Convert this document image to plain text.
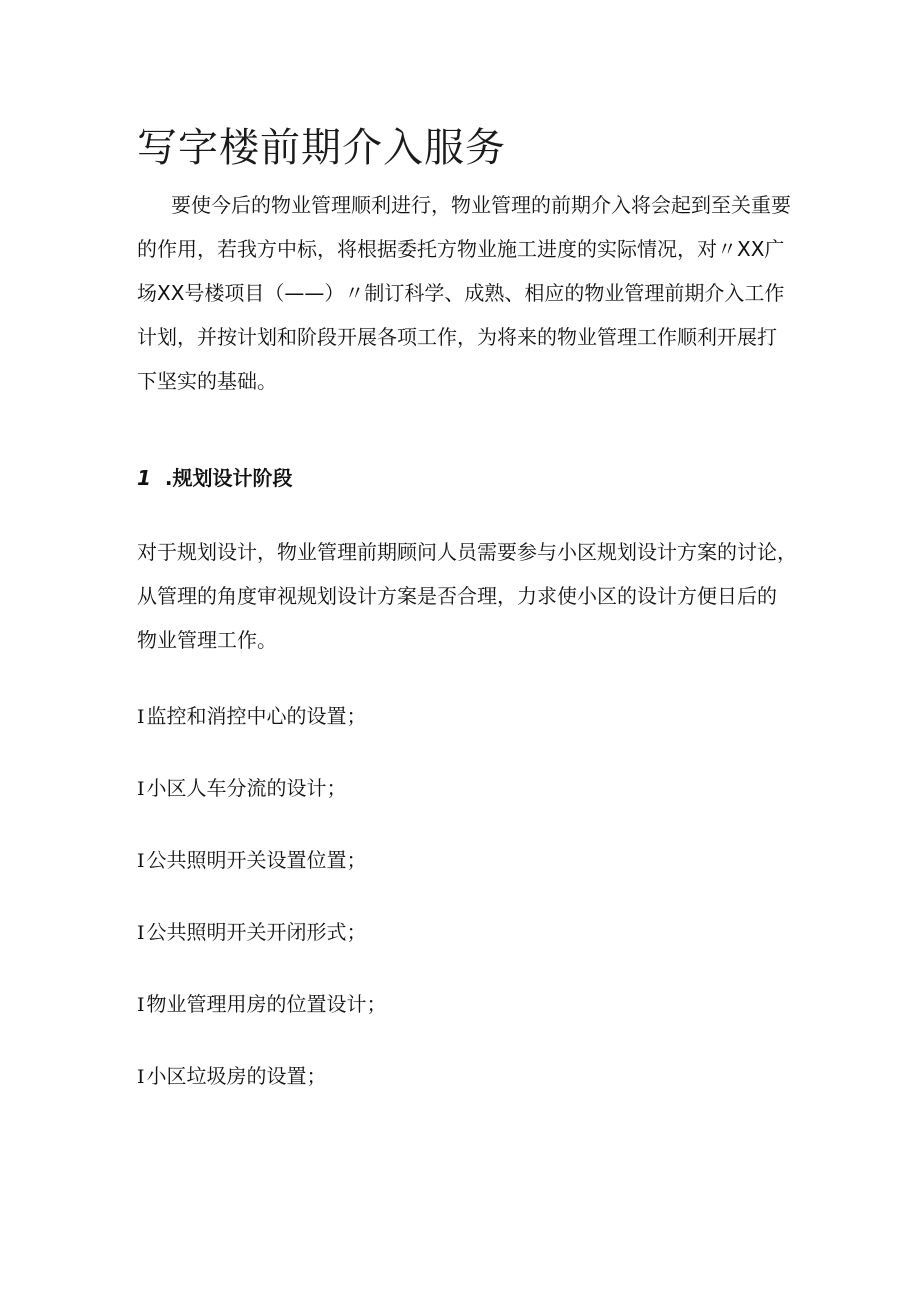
写字楼前期介入服务

要使今后的物业管理顺利进行，物业管理的前期介入将会起到至关重要
的作用，若我方中标，将根据委托方物业施工进度的实际情况，对〃XX广
场XX号楼项目（——）〃制订科学、成熟、相应的物业管理前期介入工作
计划，并按计划和阶段开展各项工作，为将来的物业管理工作顺利开展打
下坚实的基础。

1 .规划设计阶段

对于规划设计，物业管理前期顾问人员需要参与小区规划设计方案的讨论，
从管理的角度审视规划设计方案是否合理，力求使小区的设计方便日后的
物业管理工作。

I 监控和消控中心的设置；
I 小区人车分流的设计；
I 公共照明开关设置位置；
I 公共照明开关开闭形式；
I 物业管理用房的位置设计；
I 小区垃圾房的设置；
